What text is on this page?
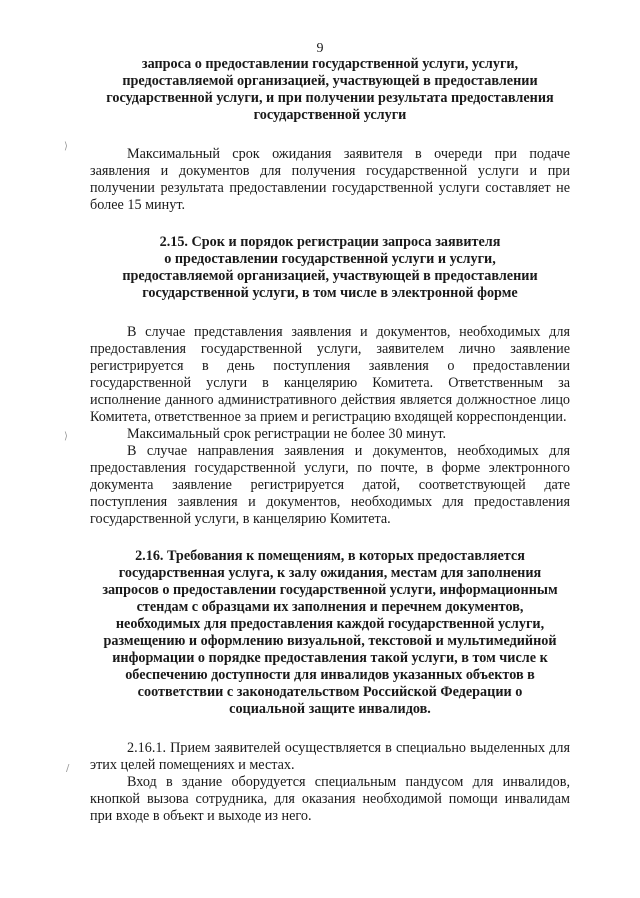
9
⟩
⟩
/
запроса о предоставлении государственной услуги, услуги,
предоставляемой организацией, участвующей в предоставлении
государственной услуги, и при получении результата предоставления
государственной услуги

Максимальный срок ожидания заявителя в очереди при подаче заявления и документов для получения государственной услуги и при получении результата предоставлении государственной услуги составляет не более 15 минут.

2.15. Срок и порядок регистрации запроса заявителя
о предоставлении государственной услуги и услуги,
предоставляемой организацией, участвующей в предоставлении
государственной услуги, в том числе в электронной форме

В случае представления заявления и документов, необходимых для предоставления государственной услуги, заявителем лично заявление регистрируется в день поступления заявления о предоставлении государственной услуги в канцелярию Комитета. Ответственным за исполнение данного административного действия является должностное лицо Комитета, ответственное за прием и регистрацию входящей корреспонденции.

Максимальный срок регистрации не более 30 минут.

В случае направления заявления и документов, необходимых для предоставления государственной услуги, по почте, в форме электронного документа заявление регистрируется датой, соответствующей дате поступления заявления и документов, необходимых для предоставления государственной услуги, в канцелярию Комитета.

2.16. Требования к помещениям, в которых предоставляется
государственная услуга, к залу ожидания, местам для заполнения
запросов о предоставлении государственной услуги, информационным
стендам с образцами их заполнения и перечнем документов,
необходимых для предоставления каждой государственной услуги,
размещению и оформлению визуальной, текстовой и мультимедийной
информации о порядке предоставления такой услуги, в том числе к
обеспечению доступности для инвалидов указанных объектов в
соответствии с законодательством Российской Федерации о
социальной защите инвалидов.

2.16.1. Прием заявителей осуществляется в специально выделенных для этих целей помещениях и местах.

Вход в здание оборудуется специальным пандусом для инвалидов, кнопкой вызова сотрудника, для оказания необходимой помощи инвалидам при входе в объект и выходе из него.
